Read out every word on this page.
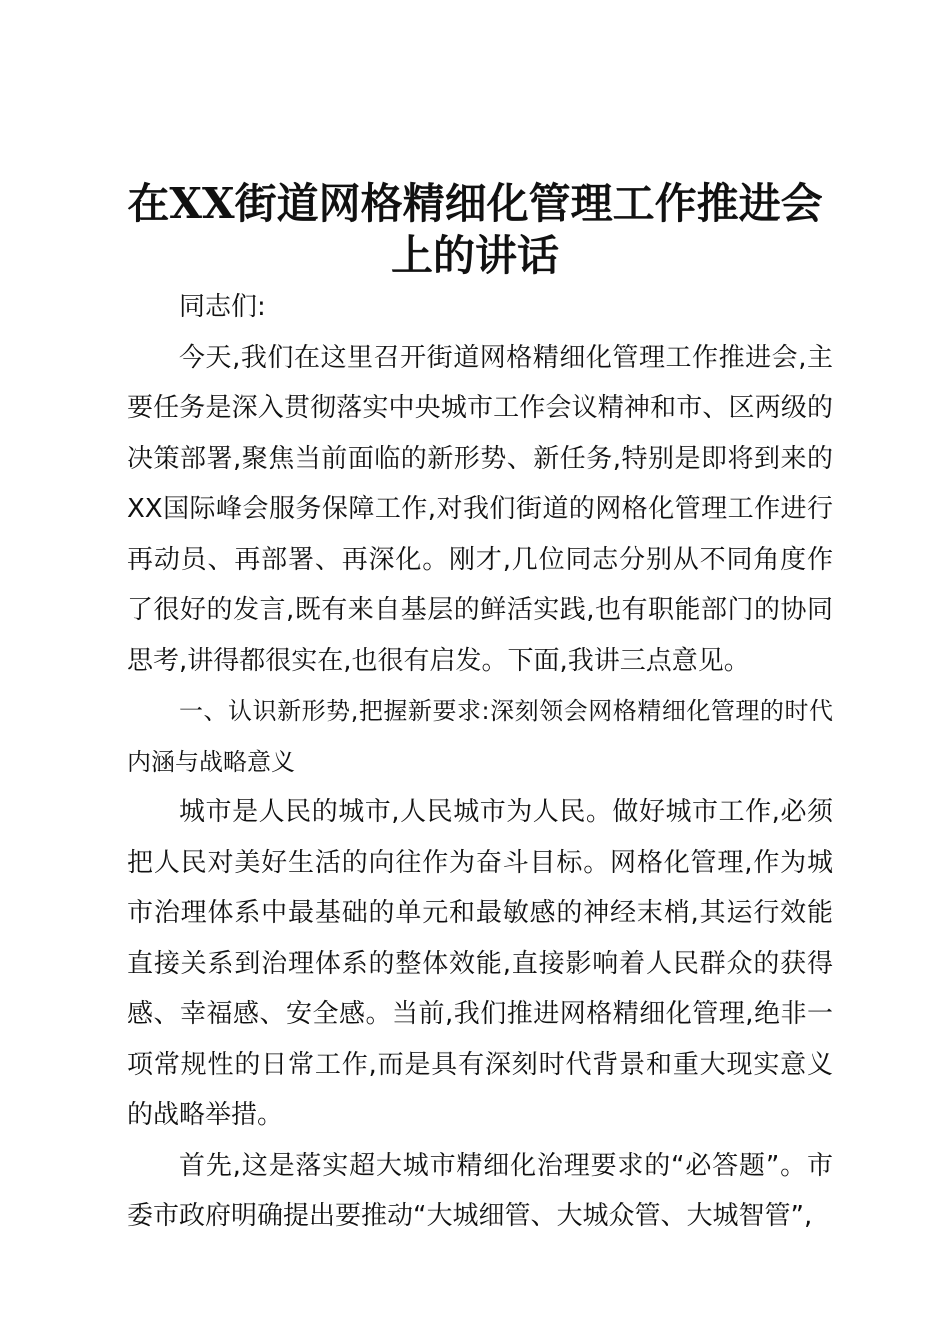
在XX街道网格精细化管理工作推进会上的讲话

同志们:

今天,我们在这里召开街道网格精细化管理工作推进会,主要任务是深入贯彻落实中央城市工作会议精神和市、区两级的决策部署,聚焦当前面临的新形势、新任务,特别是即将到来的XX国际峰会服务保障工作,对我们街道的网格化管理工作进行再动员、再部署、再深化。刚才,几位同志分别从不同角度作了很好的发言,既有来自基层的鲜活实践,也有职能部门的协同思考,讲得都很实在,也很有启发。下面,我讲三点意见。

一、认识新形势,把握新要求:深刻领会网格精细化管理的时代内涵与战略意义

城市是人民的城市,人民城市为人民。做好城市工作,必须把人民对美好生活的向往作为奋斗目标。网格化管理,作为城市治理体系中最基础的单元和最敏感的神经末梢,其运行效能直接关系到治理体系的整体效能,直接影响着人民群众的获得感、幸福感、安全感。当前,我们推进网格精细化管理,绝非一项常规性的日常工作,而是具有深刻时代背景和重大现实意义的战略举措。

首先,这是落实超大城市精细化治理要求的“必答题”。市委市政府明确提出要推动“大城细管、大城众管、大城智管”,
